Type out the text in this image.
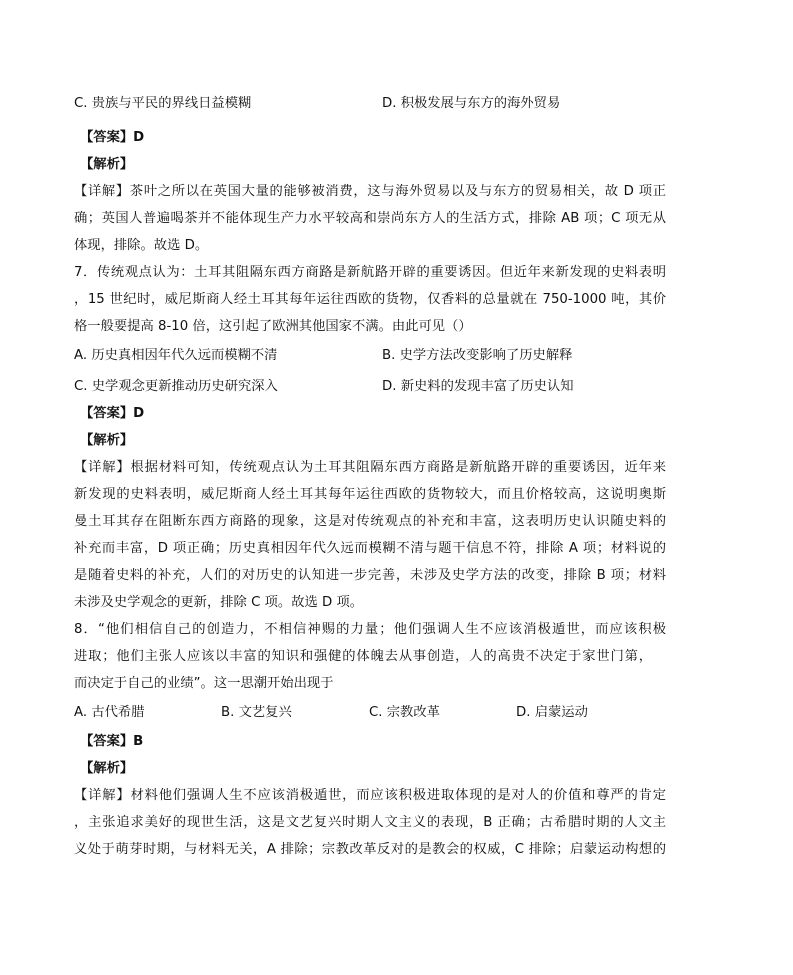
C. 贵族与平民的界线日益模糊	D. 积极发展与东方的海外贸易
【答案】D
【解析】
【详解】茶叶之所以在英国大量的能够被消费，这与海外贸易以及与东方的贸易相关，故 D 项正
确；英国人普遍喝茶并不能体现生产力水平较高和崇尚东方人的生活方式，排除 AB 项；C 项无从
体现，排除。故选 D。
7．传统观点认为：土耳其阻隔东西方商路是新航路开辟的重要诱因。但近年来新发现的史料表明
，15 世纪时，威尼斯商人经土耳其每年运往西欧的货物，仅香料的总量就在 750-1000 吨，其价
格一般要提高 8-10 倍，这引起了欧洲其他国家不满。由此可见（）
A. 历史真相因年代久远而模糊不清	B. 史学方法改变影响了历史解释
C. 史学观念更新推动历史研究深入	D. 新史料的发现丰富了历史认知
【答案】D
【解析】
【详解】根据材料可知，传统观点认为土耳其阻隔东西方商路是新航路开辟的重要诱因，近年来
新发现的史料表明，威尼斯商人经土耳其每年运往西欧的货物较大，而且价格较高，这说明奥斯
曼土耳其存在阻断东西方商路的现象，这是对传统观点的补充和丰富，这表明历史认识随史料的
补充而丰富，D 项正确；历史真相因年代久远而模糊不清与题干信息不符，排除 A 项；材料说的
是随着史料的补充，人们的对历史的认知进一步完善，未涉及史学方法的改变，排除 B 项；材料
未涉及史学观念的更新，排除 C 项。故选 D 项。
8．“他们相信自己的创造力，不相信神赐的力量；他们强调人生不应该消极遁世，而应该积极
进取；他们主张人应该以丰富的知识和强健的体魄去从事创造，人的高贵不决定于家世门第，
而决定于自己的业绩”。这一思潮开始出现于
A. 古代希腊	B. 文艺复兴	C. 宗教改革	D. 启蒙运动
【答案】B
【解析】
【详解】材料他们强调人生不应该消极遁世，而应该积极进取体现的是对人的价值和尊严的肯定
，主张追求美好的现世生活，这是文艺复兴时期人文主义的表现，B 正确；古希腊时期的人文主
义处于萌芽时期，与材料无关，A 排除；宗教改革反对的是教会的权威，C 排除；启蒙运动构想的
